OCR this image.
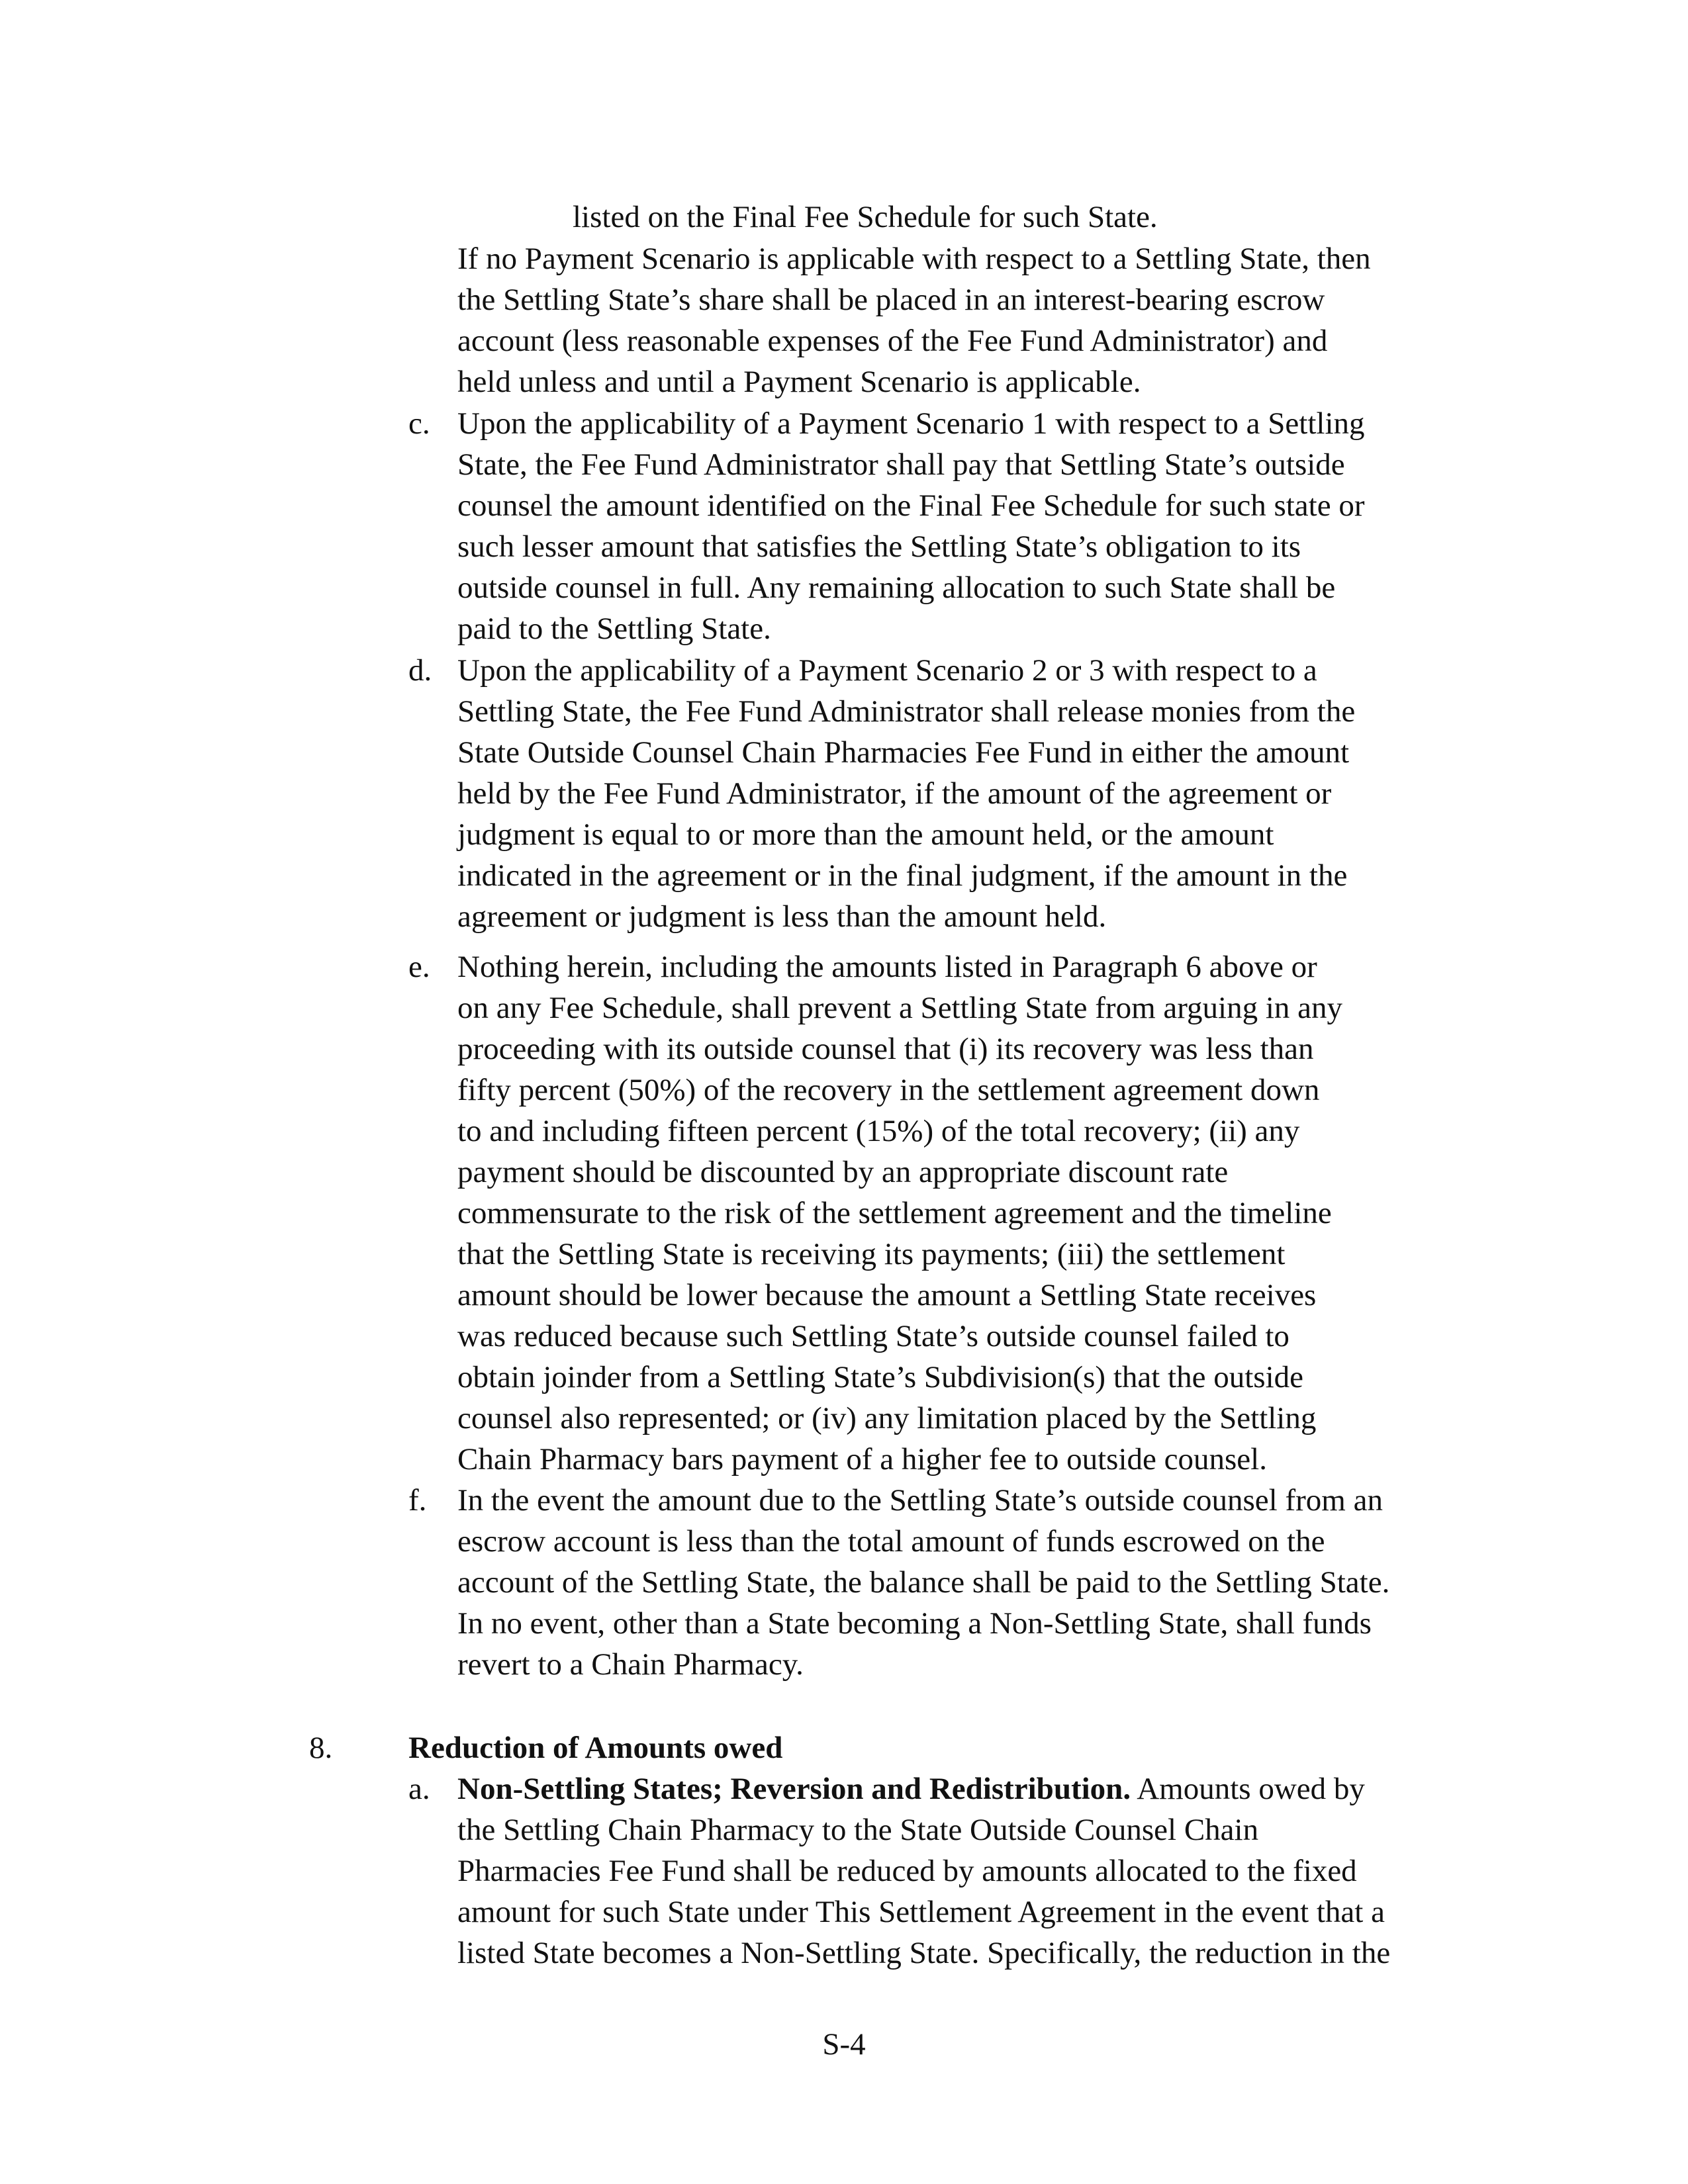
listed on the Final Fee Schedule for such State.
If no Payment Scenario is applicable with respect to a Settling State, then
the Settling State’s share shall be placed in an interest-bearing escrow
account (less reasonable expenses of the Fee Fund Administrator) and
held unless and until a Payment Scenario is applicable.
c. Upon the applicability of a Payment Scenario 1 with respect to a Settling
State, the Fee Fund Administrator shall pay that Settling State’s outside
counsel the amount identified on the Final Fee Schedule for such state or
such lesser amount that satisfies the Settling State’s obligation to its
outside counsel in full. Any remaining allocation to such State shall be
paid to the Settling State.
d. Upon the applicability of a Payment Scenario 2 or 3 with respect to a
Settling State, the Fee Fund Administrator shall release monies from the
State Outside Counsel Chain Pharmacies Fee Fund in either the amount
held by the Fee Fund Administrator, if the amount of the agreement or
judgment is equal to or more than the amount held, or the amount
indicated in the agreement or in the final judgment, if the amount in the
agreement or judgment is less than the amount held.
e. Nothing herein, including the amounts listed in Paragraph 6 above or
on any Fee Schedule, shall prevent a Settling State from arguing in any
proceeding with its outside counsel that (i) its recovery was less than
fifty percent (50%) of the recovery in the settlement agreement down
to and including fifteen percent (15%) of the total recovery; (ii) any
payment should be discounted by an appropriate discount rate
commensurate to the risk of the settlement agreement and the timeline
that the Settling State is receiving its payments; (iii) the settlement
amount should be lower because the amount a Settling State receives
was reduced because such Settling State’s outside counsel failed to
obtain joinder from a Settling State’s Subdivision(s) that the outside
counsel also represented; or (iv) any limitation placed by the Settling
Chain Pharmacy bars payment of a higher fee to outside counsel.
f. In the event the amount due to the Settling State’s outside counsel from an
escrow account is less than the total amount of funds escrowed on the
account of the Settling State, the balance shall be paid to the Settling State.
In no event, other than a State becoming a Non-Settling State, shall funds
revert to a Chain Pharmacy.
8. Reduction of Amounts owed
a. Non-Settling States; Reversion and Redistribution. Amounts owed by
the Settling Chain Pharmacy to the State Outside Counsel Chain
Pharmacies Fee Fund shall be reduced by amounts allocated to the fixed
amount for such State under This Settlement Agreement in the event that a
listed State becomes a Non-Settling State. Specifically, the reduction in the
S-4
